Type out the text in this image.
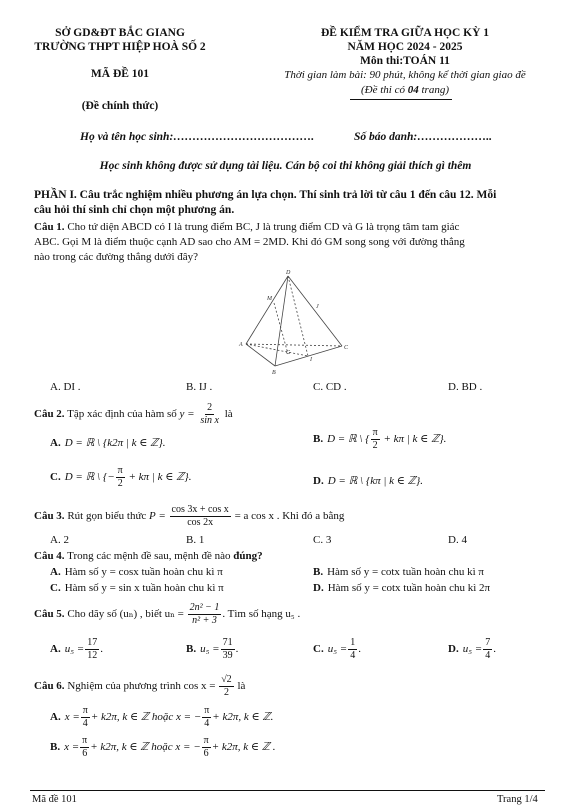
SỞ GD&ĐT BẮC GIANG
TRƯỜNG THPT HIỆP HOÀ SỐ 2
MÃ ĐỀ 101
(Đề chính thức)
ĐỀ KIỂM TRA GIỮA HỌC KỲ 1
NĂM HỌC 2024 - 2025
Môn thi:TOÁN 11
Thời gian làm bài: 90 phút, không kể thời gian giao đề
(Đề thi có 04 trang)
Họ và tên học sinh:……………………………….	Số báo danh:………………..
Học sinh không được sử dụng tài liệu. Cán bộ coi thi không giải thích gì thêm
PHẦN I. Câu trắc nghiệm nhiều phương án lựa chọn. Thí sinh trả lời từ câu 1 đến câu 12. Mỗi
câu hỏi thí sinh chỉ chọn một phương án.
Câu 1. Cho tứ diện ABCD có I là trung điểm BC, J là trung điểm CD và G là trọng tâm tam giác
ABC. Gọi M là điểm thuộc cạnh AD sao cho AM = 2MD. Khi đó GM song song với đường thẳng
nào trong các đường thẳng dưới đây?
D
M
J
A
G
I
C
B
A. DI .	B. IJ .	C. CD .	D. BD .
Câu 2. Tập xác định của hàm số $y = \frac{2}{\text{sin x}}$ là
A. D = ℝ \ {k2π | k ∈ ℤ}.	B. D = ℝ \ { $\frac{\pi}{2} + k\pi$ | k ∈ ℤ}.
C. D = ℝ \ {− $\frac{\pi}{2} + k\pi$ | k ∈ ℤ}.	D. D = ℝ \ {kπ | k ∈ ℤ}.
Câu 3. Rút gọn biểu thức $P = \frac{\text{cos 3x + cos x}}{\cos 2x} = a$ cos x . Khi đó a bằng
A. 2	B. 1	C. 3	D. 4
Câu 4. Trong các mệnh đề sau, mệnh đề nào đúng?
A. Hàm số y = cosx tuần hoàn chu kì π	B. Hàm số y = cotx tuần hoàn chu kì π
C. Hàm số y = sin x tuần hoàn chu kì π	D. Hàm số y = cotx tuần hoàn chu kì 2π
Câu 5. Cho dãy số (uₙ) , biết $u_n = \frac{\text{2n² − 1}}{\text{n² + 3}}$ . Tìm số hạng u₅ .
A. $u_5 = \frac{17}{12}$ .	B. $u_5 = \frac{71}{39}$ .	C. $u_5 = \frac{1}{4}$ .	D. $u_5 = \frac{7}{4}$ .
Câu 6. Nghiệm của phương trình $\cos x = \frac{√2}{2}$ là
A. $x = \frac{\pi}{4} + k2\pi$, k ∈ ℤ hoặc x = − $\frac{\pi}{4} + k2\pi$, k ∈ ℤ.
B. $x = \frac{\pi}{6} + k2\pi$, k ∈ ℤ hoặc x = − $\frac{\pi}{6} + k2\pi$, k ∈ ℤ .
Mã đề 101	Trang 1/4
